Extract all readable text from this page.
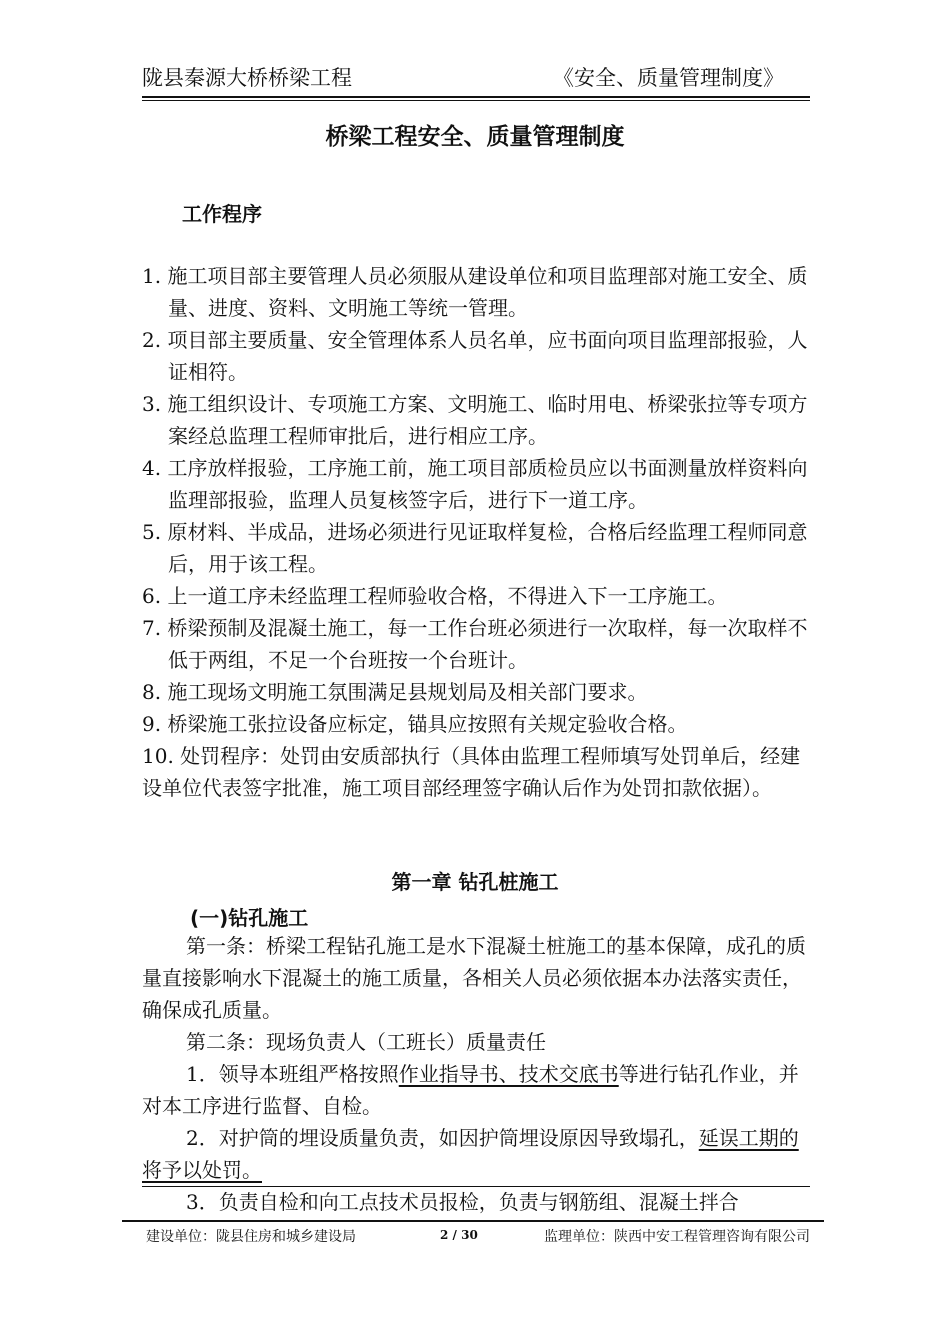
陇县秦源大桥桥梁工程	《安全、质量管理制度》
桥梁工程安全、质量管理制度
工作程序
1. 施工项目部主要管理人员必须服从建设单位和项目监理部对施工安全、质量、进度、资料、文明施工等统一管理。
2. 项目部主要质量、安全管理体系人员名单，应书面向项目监理部报验，人证相符。
3. 施工组织设计、专项施工方案、文明施工、临时用电、桥梁张拉等专项方案经总监理工程师审批后，进行相应工序。
4. 工序放样报验，工序施工前，施工项目部质检员应以书面测量放样资料向监理部报验，监理人员复核签字后，进行下一道工序。
5. 原材料、半成品，进场必须进行见证取样复检，合格后经监理工程师同意后，用于该工程。
6. 上一道工序未经监理工程师验收合格，不得进入下一工序施工。
7. 桥梁预制及混凝土施工，每一工作台班必须进行一次取样，每一次取样不低于两组，不足一个台班按一个台班计。
8. 施工现场文明施工氛围满足县规划局及相关部门要求。
9. 桥梁施工张拉设备应标定，锚具应按照有关规定验收合格。
10. 处罚程序：处罚由安质部执行（具体由监理工程师填写处罚单后，经建设单位代表签字批准，施工项目部经理签字确认后作为处罚扣款依据）。
第一章 钻孔桩施工
(一)钻孔施工

第一条：桥梁工程钻孔施工是水下混凝土桩施工的基本保障，成孔的质量直接影响水下混凝土的施工质量，各相关人员必须依据本办法落实责任，确保成孔质量。

第二条：现场负责人（工班长）质量责任

1．领导本班组严格按照作业指导书、技术交底书等进行钻孔作业，并对本工序进行监督、自检。

2．对护筒的埋设质量负责，如因护筒埋设原因导致塌孔，延误工期的将予以处罚。

3．负责自检和向工点技术员报检，负责与钢筋组、混凝土拌合

建设单位：陇县住房和城乡建设局	2 / 30	监理单位：陕西中安工程管理咨询有限公司
